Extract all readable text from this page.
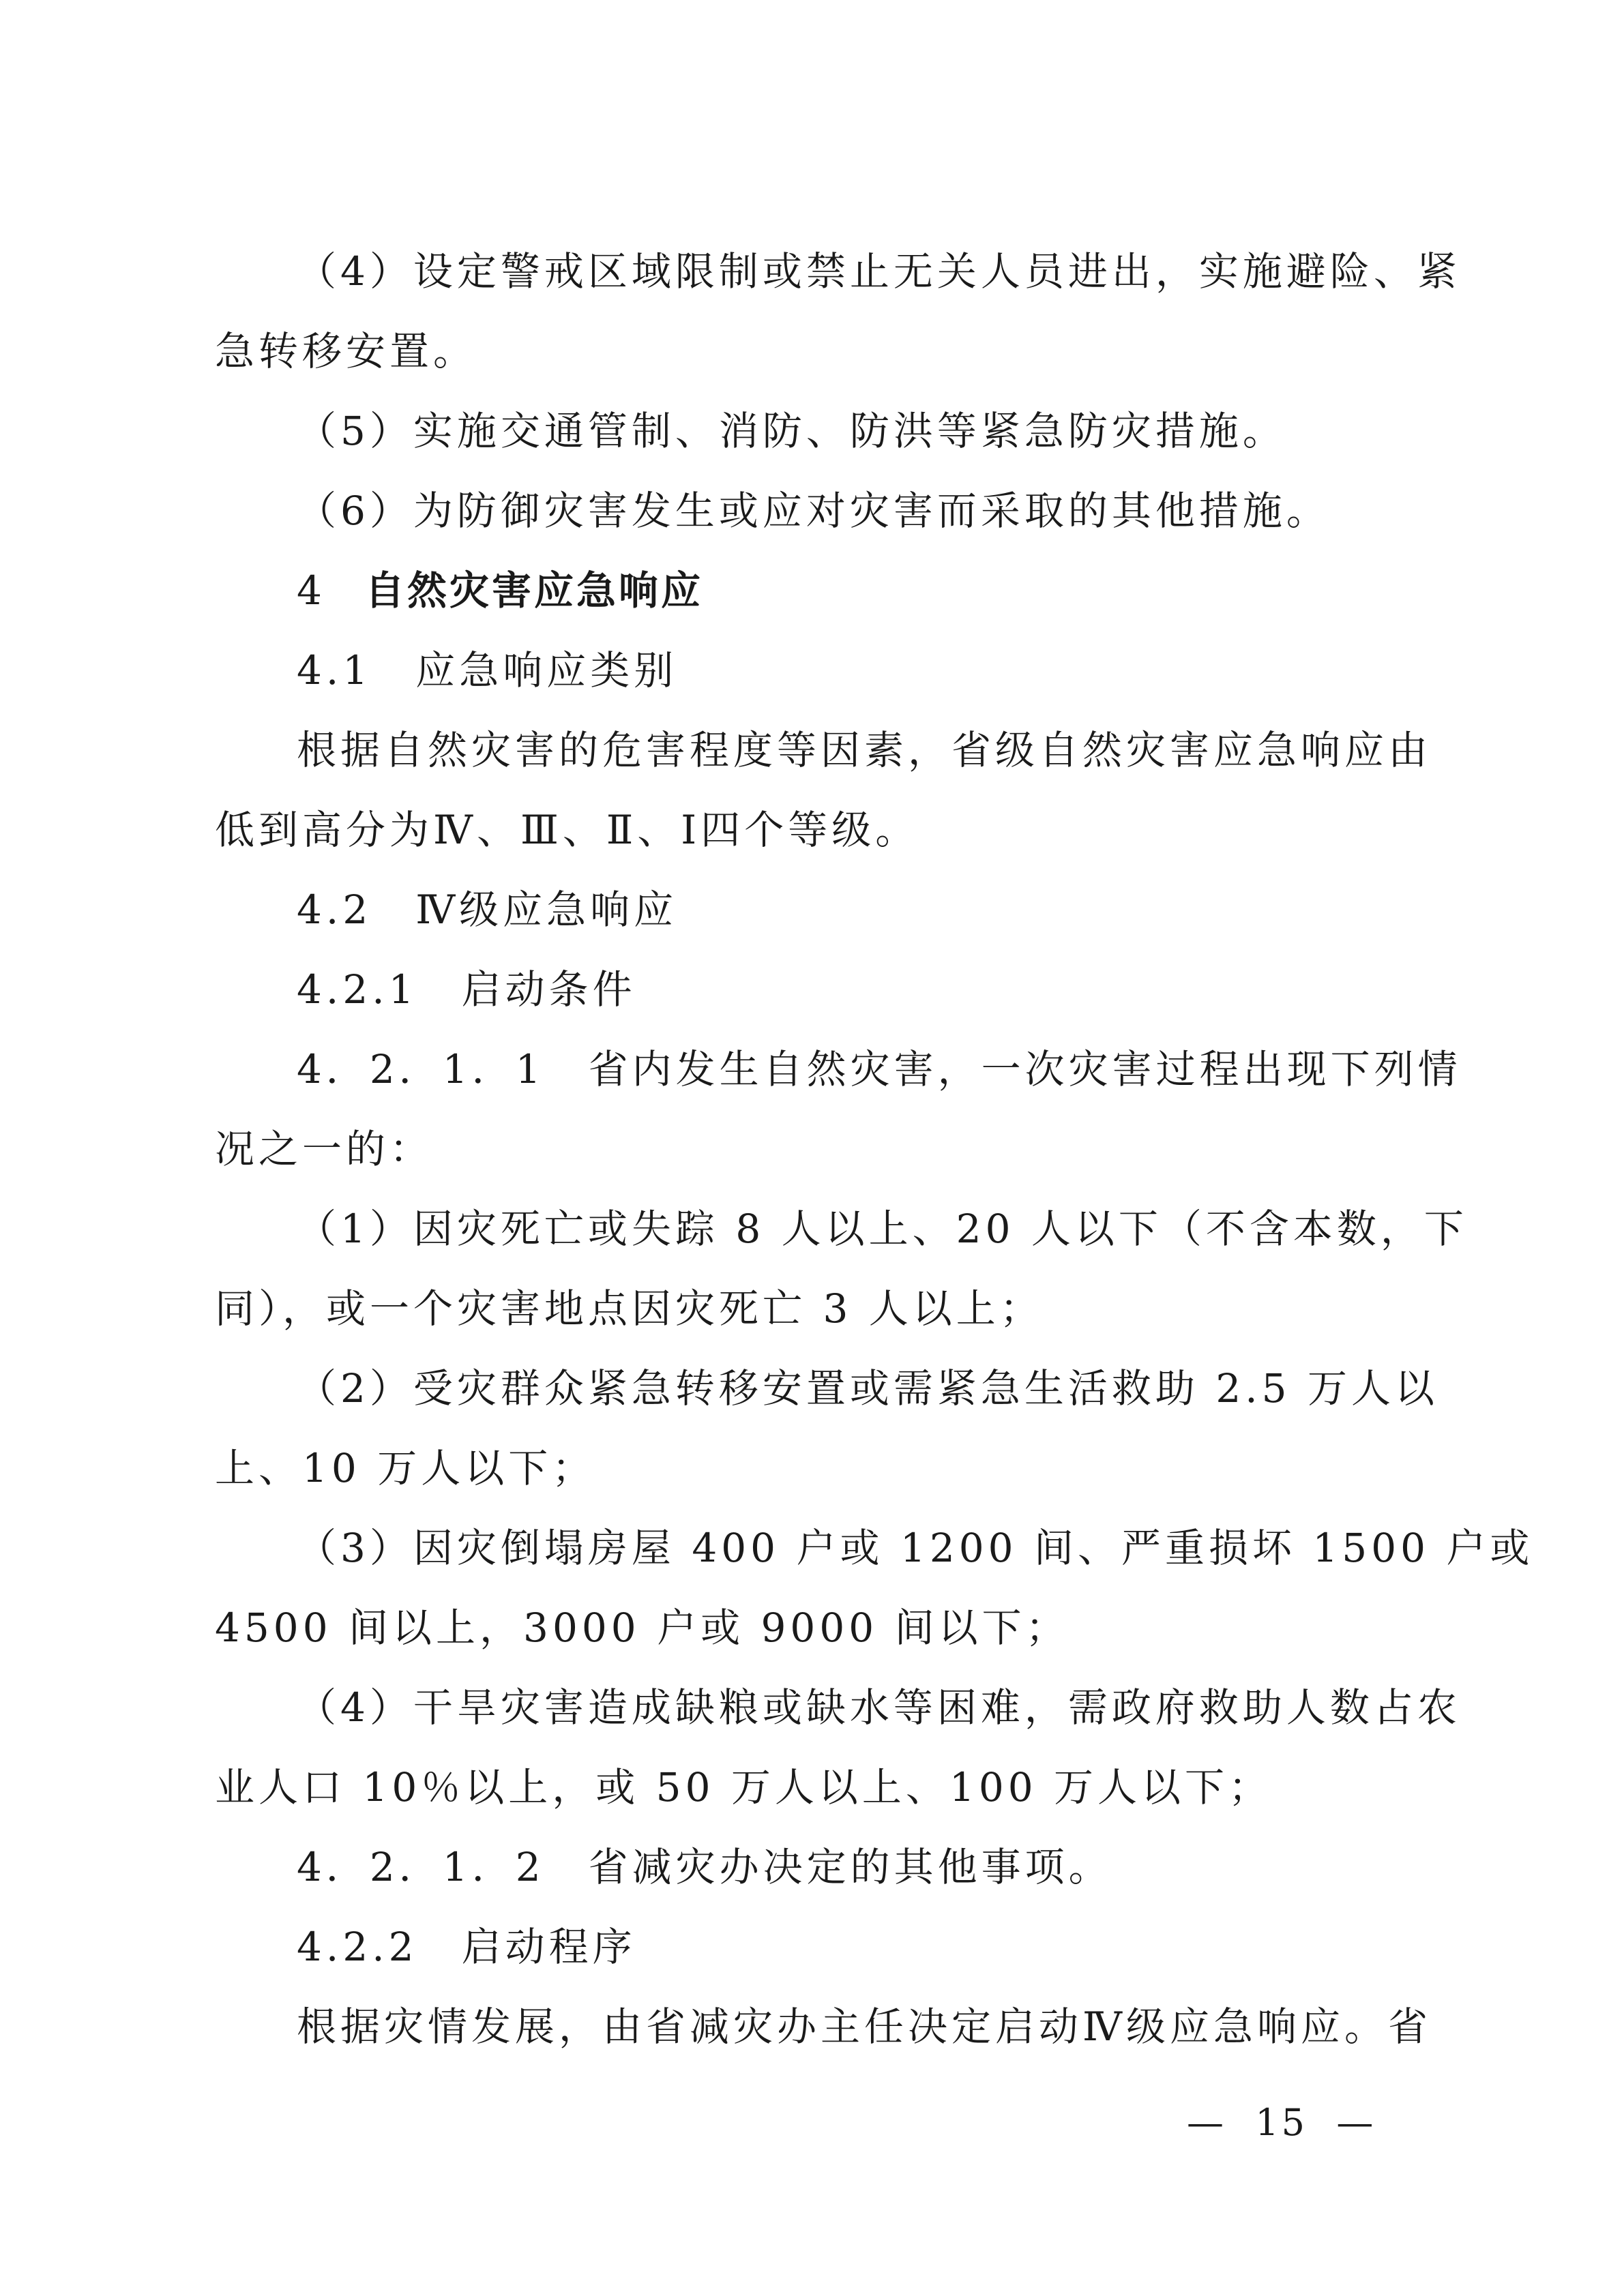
（4）设定警戒区域限制或禁止无关人员进出，实施避险、紧

急转移安置。

（5）实施交通管制、消防、防洪等紧急防灾措施。

（6）为防御灾害发生或应对灾害而采取的其他措施。

4 自然灾害应急响应

4.1　应急响应类别

根据自然灾害的危害程度等因素，省级自然灾害应急响应由

低到高分为Ⅳ、Ⅲ、Ⅱ、Ⅰ四个等级。

4.2　Ⅳ级应急响应

4.2.1　启动条件

4．2．1．1　省内发生自然灾害，一次灾害过程出现下列情

况之一的：

（1）因灾死亡或失踪 8 人以上、20 人以下（不含本数，下

同），或一个灾害地点因灾死亡 3 人以上；

（2）受灾群众紧急转移安置或需紧急生活救助 2.5 万人以

上、10 万人以下；

（3）因灾倒塌房屋 400 户或 1200 间、严重损坏 1500 户或

4500 间以上，3000 户或 9000 间以下；

（4）干旱灾害造成缺粮或缺水等困难，需政府救助人数占农

业人口 10％以上，或 50 万人以上、100 万人以下；

4．2．1．2　省减灾办决定的其他事项。

4.2.2　启动程序

根据灾情发展，由省减灾办主任决定启动Ⅳ级应急响应。省

—  15  —
